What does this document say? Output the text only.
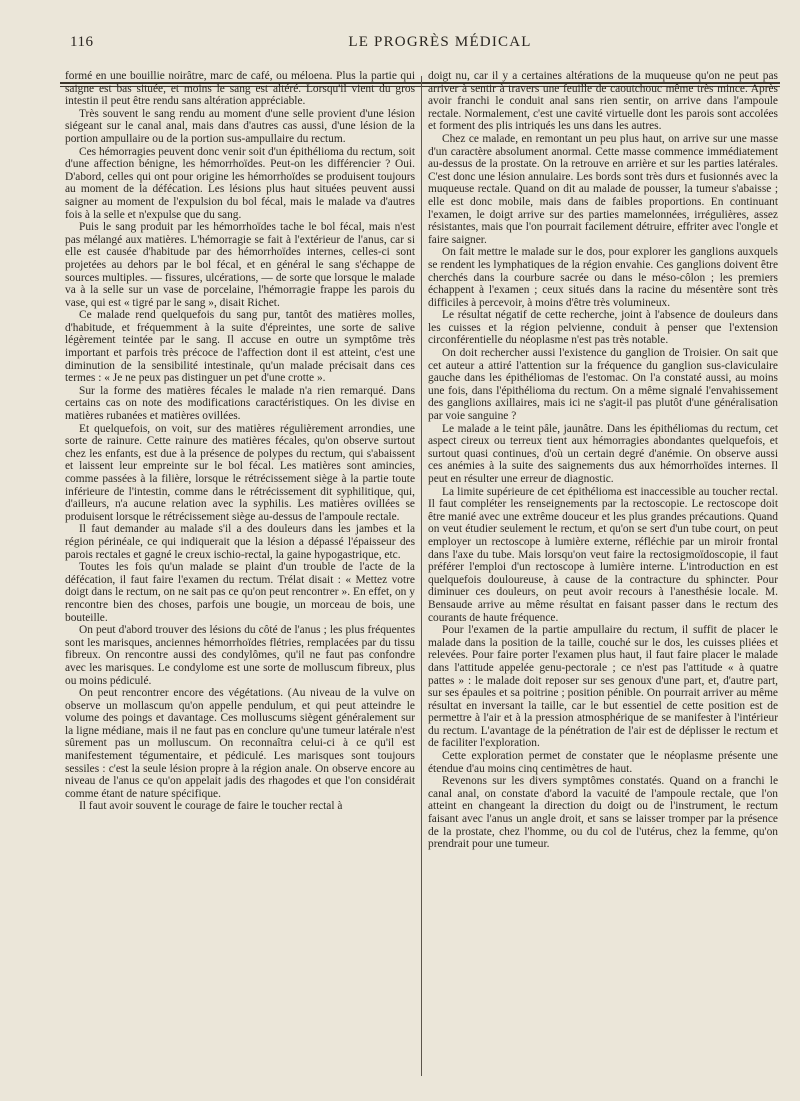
116	LE PROGRÈS MÉDICAL

formé en une bouillie noirâtre, marc de café, ou méloena. Plus la partie qui saigne est bas située, et moins le sang est altéré. Lorsqu'il vient du gros intestin il peut être rendu sans altération appréciable.

Très souvent le sang rendu au moment d'une selle provient d'une lésion siégeant sur le canal anal, mais dans d'autres cas aussi, d'une lésion de la portion ampullaire ou de la portion sus-ampullaire du rectum.

Ces hémorragies peuvent donc venir soit d'un épithélioma du rectum, soit d'une affection bénigne, les hémorrhoïdes. Peut-on les différencier ? Oui. D'abord, celles qui ont pour origine les hémorrhoïdes se produisent toujours au moment de la défécation. Les lésions plus haut situées peuvent aussi saigner au moment de l'expulsion du bol fécal, mais le malade va d'autres fois à la selle et n'expulse que du sang.

Puis le sang produit par les hémorrhoïdes tache le bol fécal, mais n'est pas mélangé aux matières. L'hémorragie se fait à l'extérieur de l'anus, car si elle est causée d'habitude par des hémorrhoïdes internes, celles-ci sont projetées au dehors par le bol fécal, et en général le sang s'échappe de sources multiples. — fissures, ulcérations, — de sorte que lorsque le malade va à la selle sur un vase de porcelaine, l'hémorragie frappe les parois du vase, qui est « tigré par le sang », disait Richet.

Ce malade rend quelquefois du sang pur, tantôt des matières molles, d'habitude, et fréquemment à la suite d'épreintes, une sorte de salive légèrement teintée par le sang. Il accuse en outre un symptôme très important et parfois très précoce de l'affection dont il est atteint, c'est une diminution de la sensibilité intestinale, qu'un malade précisait dans ces termes : « Je ne peux pas distinguer un pet d'une crotte ».

Sur la forme des matières fécales le malade n'a rien remarqué. Dans certains cas on note des modifications caractéristiques. On les divise en matières rubanées et matières ovillées.

Et quelquefois, on voit, sur des matières régulièrement arrondies, une sorte de rainure. Cette rainure des matières fécales, qu'on observe surtout chez les enfants, est due à la présence de polypes du rectum, qui s'abaissent et laissent leur empreinte sur le bol fécal. Les matières sont amincies, comme passées à la filière, lorsque le rétrécissement siège à la partie toute inférieure de l'intestin, comme dans le rétrécissement dit syphilitique, qui, d'ailleurs, n'a aucune relation avec la syphilis. Les matières ovillées se produisent lorsque le rétrécissement siège au-dessus de l'ampoule rectale.

Il faut demander au malade s'il a des douleurs dans les jambes et la région périnéale, ce qui indiquerait que la lésion a dépassé l'épaisseur des parois rectales et gagné le creux ischio-rectal, la gaine hypogastrique, etc.

Toutes les fois qu'un malade se plaint d'un trouble de l'acte de la défécation, il faut faire l'examen du rectum. Trélat disait : « Mettez votre doigt dans le rectum, on ne sait pas ce qu'on peut rencontrer ». En effet, on y rencontre bien des choses, parfois une bougie, un morceau de bois, une bouteille.

On peut d'abord trouver des lésions du côté de l'anus ; les plus fréquentes sont les marisques, anciennes hémorrhoïdes flétries, remplacées par du tissu fibreux. On rencontre aussi des condylômes, qu'il ne faut pas confondre avec les marisques. Le condylome est une sorte de molluscum fibreux, plus ou moins pédiculé.

On peut rencontrer encore des végétations. (Au niveau de la vulve on observe un mollascum qu'on appelle pendulum, et qui peut atteindre le volume des poings et davantage. Ces molluscums siègent généralement sur la ligne médiane, mais il ne faut pas en conclure qu'une tumeur latérale n'est sûrement pas un molluscum. On reconnaîtra celui-ci à ce qu'il est manifestement tégumentaire, et pédiculé. Les marisques sont toujours sessiles : c'est la seule lésion propre à la région anale. On observe encore au niveau de l'anus ce qu'on appelait jadis des rhagodes et que l'on considérait comme étant de nature spécifique.

Il faut avoir souvent le courage de faire le toucher rectal à

doigt nu, car il y a certaines altérations de la muqueuse qu'on ne peut pas arriver à sentir à travers une feuille de caoutchouc même très mince. Après avoir franchi le conduit anal sans rien sentir, on arrive dans l'ampoule rectale. Normalement, c'est une cavité virtuelle dont les parois sont accolées et forment des plis intriqués les uns dans les autres.

Chez ce malade, en remontant un peu plus haut, on arrive sur une masse d'un caractère absolument anormal. Cette masse commence immédiatement au-dessus de la prostate. On la retrouve en arrière et sur les parties latérales. C'est donc une lésion annulaire. Les bords sont très durs et fusionnés avec la muqueuse rectale. Quand on dit au malade de pousser, la tumeur s'abaisse ; elle est donc mobile, mais dans de faibles proportions. En continuant l'examen, le doigt arrive sur des parties mamelonnées, irrégulières, assez résistantes, mais que l'on pourrait facilement détruire, effriter avec l'ongle et faire saigner.

On fait mettre le malade sur le dos, pour explorer les ganglions auxquels se rendent les lymphatiques de la région envahie. Ces ganglions doivent être cherchés dans la courbure sacrée ou dans le méso-côlon ; les premiers échappent à l'examen ; ceux situés dans la racine du mésentère sont très difficiles à percevoir, à moins d'être très volumineux.

Le résultat négatif de cette recherche, joint à l'absence de douleurs dans les cuisses et la région pelvienne, conduit à penser que l'extension circonférentielle du néoplasme n'est pas très notable.

On doit rechercher aussi l'existence du ganglion de Troisier. On sait que cet auteur a attiré l'attention sur la fréquence du ganglion sus-claviculaire gauche dans les épithéliomas de l'estomac. On l'a constaté aussi, au moins une fois, dans l'épithélioma du rectum. On a même signalé l'envahissement des ganglions axillaires, mais ici ne s'agit-il pas plutôt d'une généralisation par voie sanguine ?

Le malade a le teint pâle, jaunâtre. Dans les épithéliomas du rectum, cet aspect cireux ou terreux tient aux hémorragies abondantes quelquefois, et surtout quasi continues, d'où un certain degré d'anémie. On observe aussi ces anémies à la suite des saignements dus aux hémorrhoïdes internes. Il peut en résulter une erreur de diagnostic.

La limite supérieure de cet épithélioma est inaccessible au toucher rectal. Il faut compléter les renseignements par la rectoscopie. Le rectoscope doit être manié avec une extrême douceur et les plus grandes précautions. Quand on veut étudier seulement le rectum, et qu'on se sert d'un tube court, on peut employer un rectoscope à lumière externe, réfléchie par un miroir frontal dans l'axe du tube. Mais lorsqu'on veut faire la rectosigmoïdoscopie, il faut préférer l'emploi d'un rectoscope à lumière interne. L'introduction en est quelquefois douloureuse, à cause de la contracture du sphincter. Pour diminuer ces douleurs, on peut avoir recours à l'anesthésie locale. M. Bensaude arrive au même résultat en faisant passer dans le rectum des courants de haute fréquence.

Pour l'examen de la partie ampullaire du rectum, il suffit de placer le malade dans la position de la taille, couché sur le dos, les cuisses pliées et relevées. Pour faire porter l'examen plus haut, il faut faire placer le malade dans l'attitude appelée genu-pectorale ; ce n'est pas l'attitude « à quatre pattes » : le malade doit reposer sur ses genoux d'une part, et, d'autre part, sur ses épaules et sa poitrine ; position pénible. On pourrait arriver au même résultat en inversant la taille, car le but essentiel de cette position est de permettre à l'air et à la pression atmosphérique de se manifester à l'intérieur du rectum. L'avantage de la pénétration de l'air est de déplisser le rectum et de faciliter l'exploration.

Cette exploration permet de constater que le néoplasme présente une étendue d'au moins cinq centimètres de haut.

Revenons sur les divers symptômes constatés. Quand on a franchi le canal anal, on constate d'abord la vacuité de l'ampoule rectale, que l'on atteint en changeant la direction du doigt ou de l'instrument, le rectum faisant avec l'anus un angle droit, et sans se laisser tromper par la présence de la prostate, chez l'homme, ou du col de l'utérus, chez la femme, qu'on prendrait pour une tumeur.
